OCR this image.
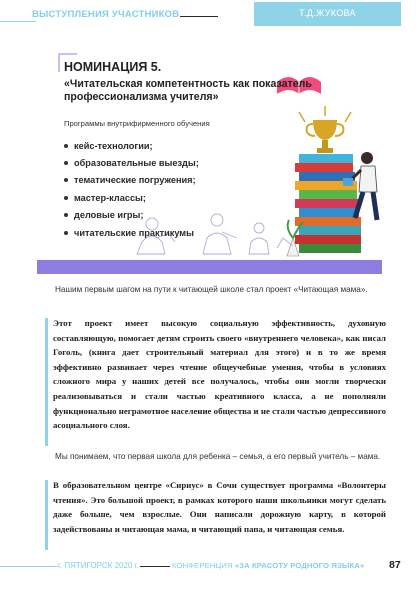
ВЫСТУПЛЕНИЯ УЧАСТНИКОВ	Т.Д.ЖУКОВА
НОМИНАЦИЯ 5.
«Читательская компетентность как показатель профессионализма учителя»
Программы внутрифирменного обучения
кейс-технологии;
образовательные выезды;
тематические погружения;
мастер-классы;
деловые игры;
читательские практикумы
Нашим первым шагом на пути к читающей школе стал проект «Читающая мама».
Этот проект имеет высокую социальную эффективность, духовную составляющую, помогает детям строить своего «внутреннего человека», как писал Гоголь, (книга дает строительный материал для этого) и в то же время эффективно развивает через чтение общеучебные умения, чтобы в условиях сложного мира у наших детей все получалось, чтобы они могли творчески реализовываться и стали частью креативного класса, а не пополняли функционально неграмотное население общества и не стали частью депрессивного асоциального слоя.
Мы понимаем, что первая школа для ребенка – семья, а его первый учитель – мама.
В образовательном центре «Сириус» в Сочи существует программа «Волонтеры чтения». Это большой проект, в рамках которого наши школьники могут сделать даже больше, чем взрослые. Они написали дорожную карту, в которой задействованы и читающая мама, и читающий папа, и читающая семья.
г. ПЯТИГОРСК 2020 г.	КОНФЕРЕНЦИЯ «ЗА КРАСОТУ РОДНОГО ЯЗЫКА» 87
